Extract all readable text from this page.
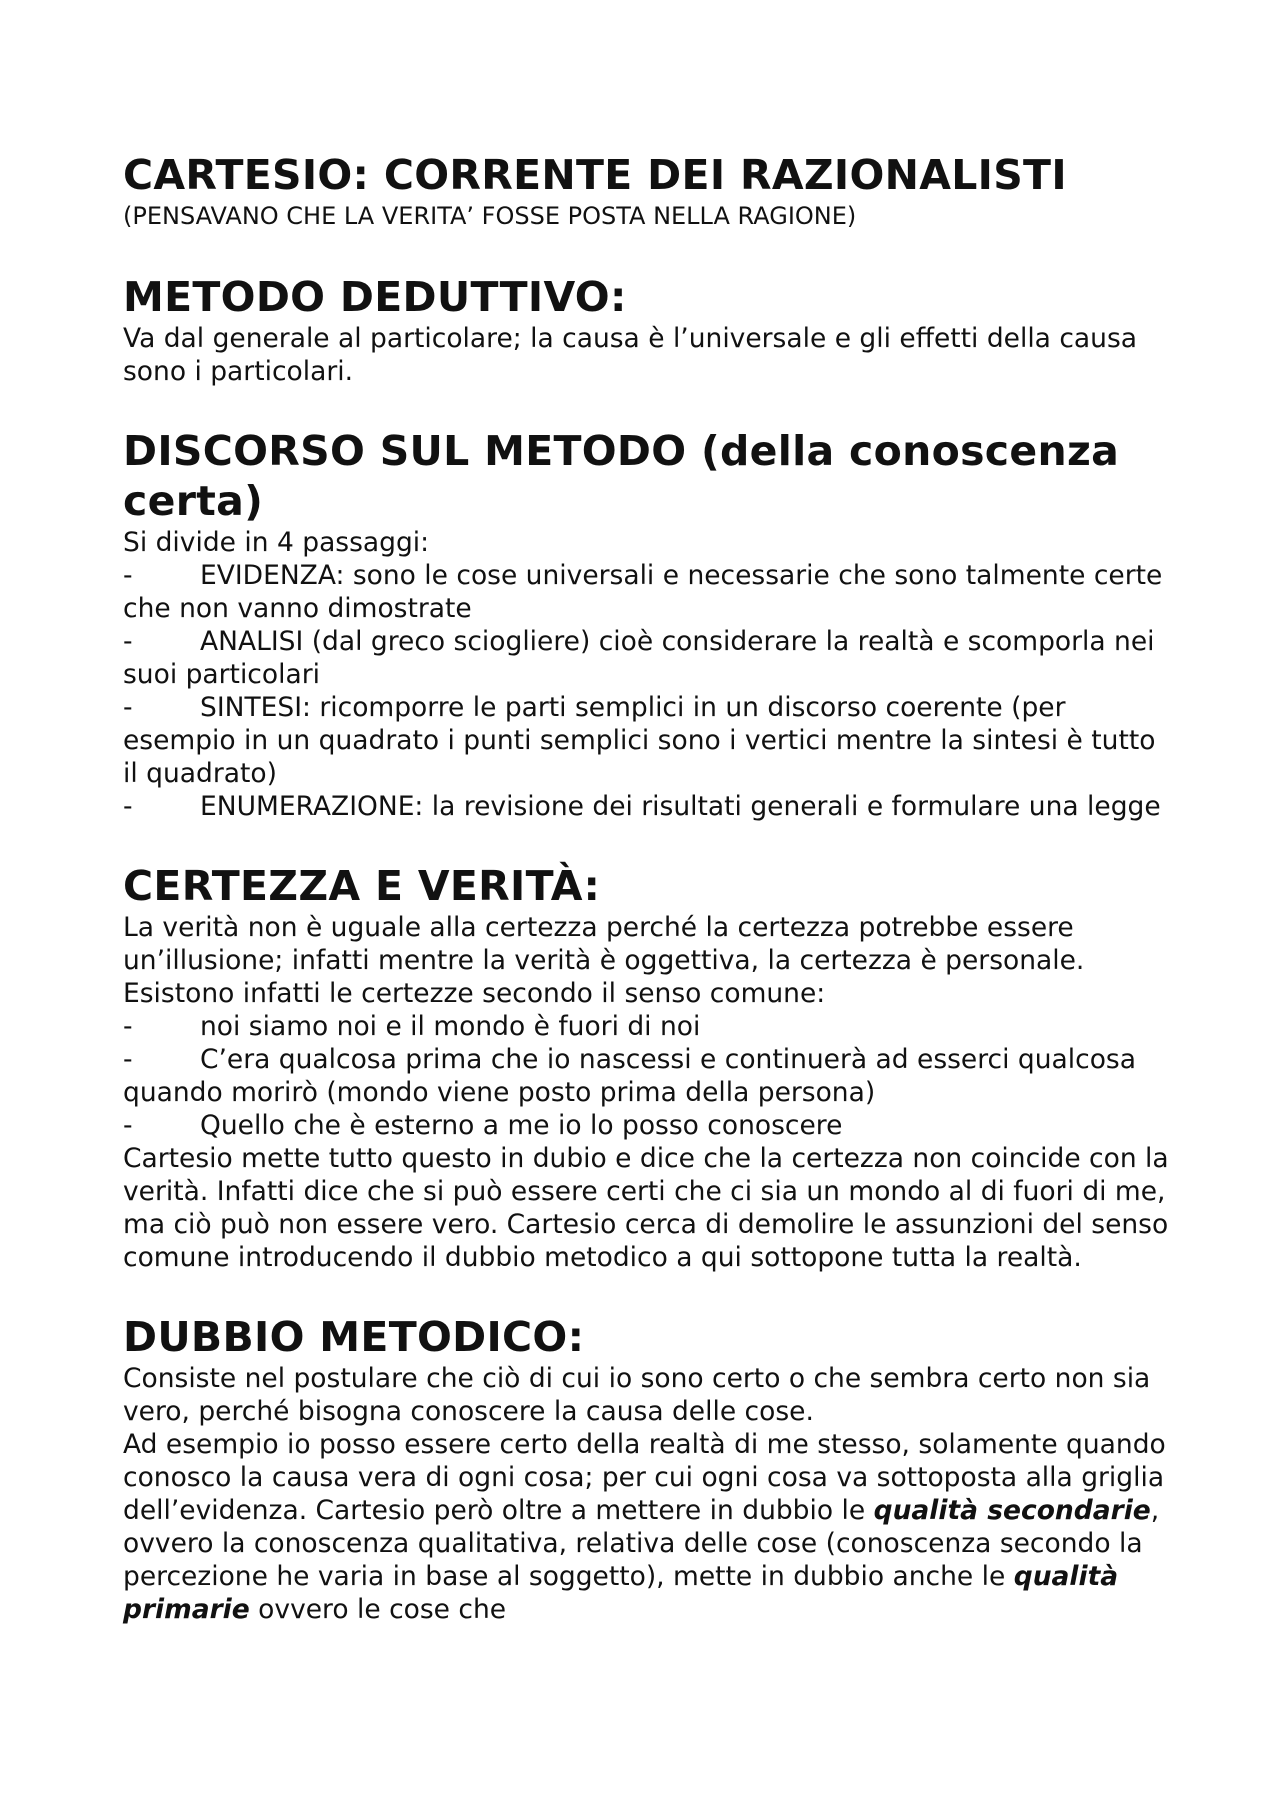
CARTESIO: CORRENTE DEI RAZIONALISTI

(PENSAVANO CHE LA VERITA’ FOSSE POSTA NELLA RAGIONE)

METODO DEDUTTIVO:

Va dal generale al particolare; la causa è l’universale e gli effetti della causa sono i particolari.

DISCORSO SUL METODO (della conoscenza certa)

Si divide in 4 passaggi:

-	EVIDENZA: sono le cose universali e necessarie che sono talmente certe che non vanno dimostrate

-	ANALISI (dal greco sciogliere) cioè considerare la realtà e scomporla nei suoi particolari

-	SINTESI: ricomporre le parti semplici in un discorso coerente (per esempio in un quadrato i punti semplici sono i vertici mentre la sintesi è tutto il quadrato)

-	ENUMERAZIONE: la revisione dei risultati generali e formulare una legge

CERTEZZA E VERITÀ:

La verità non è uguale alla certezza perché la certezza potrebbe essere un’illusione; infatti mentre la verità è oggettiva, la certezza è personale. Esistono infatti le certezze secondo il senso comune:

-	noi siamo noi e il mondo è fuori di noi

-	C’era qualcosa prima che io nascessi e continuerà ad esserci qualcosa quando morirò (mondo viene posto prima della persona)

-	Quello che è esterno a me io lo posso conoscere

Cartesio mette tutto questo in dubio e dice che la certezza non coincide con la verità. Infatti dice che si può essere certi che ci sia un mondo al di fuori di me, ma ciò può non essere vero. Cartesio cerca di demolire le assunzioni del senso comune introducendo il dubbio metodico a qui sottopone tutta la realtà.

DUBBIO METODICO:

Consiste nel postulare che ciò di cui io sono certo o che sembra certo non sia vero, perché bisogna conoscere la causa delle cose.

Ad esempio io posso essere certo della realtà di me stesso, solamente quando conosco la causa vera di ogni cosa; per cui ogni cosa va sottoposta alla griglia dell’evidenza. Cartesio però oltre a mettere in dubbio le qualità secondarie, ovvero la conoscenza qualitativa, relativa delle cose (conoscenza secondo la percezione he varia in base al soggetto), mette in dubbio anche le qualità primarie ovvero le cose che
